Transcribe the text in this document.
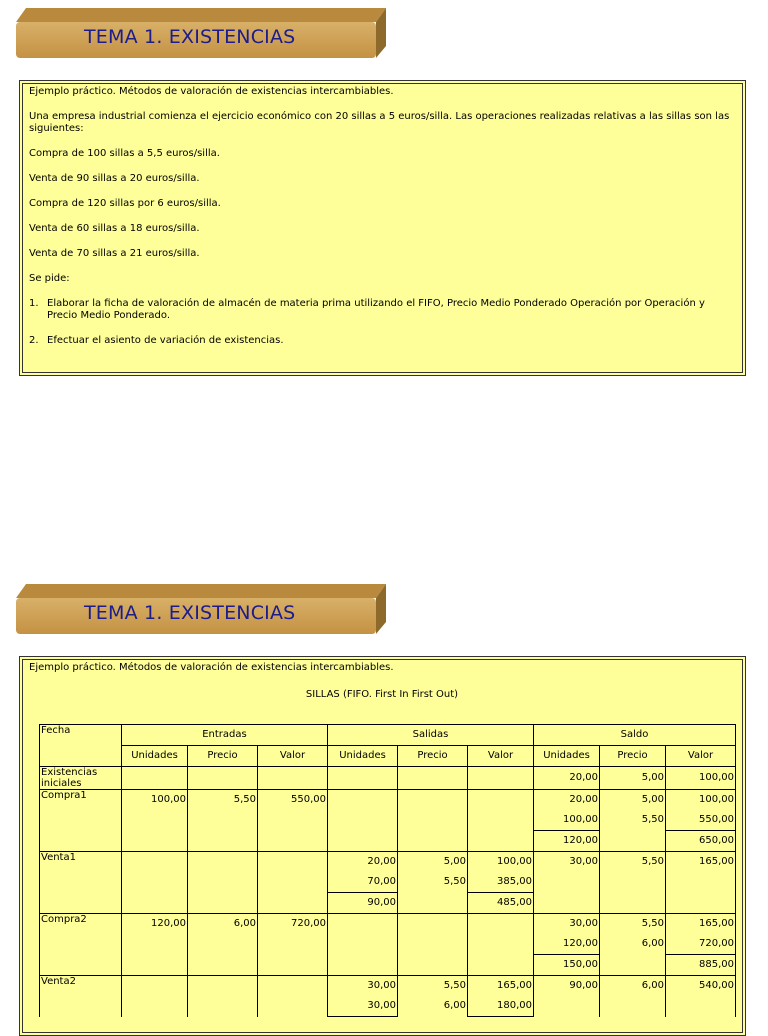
TEMA 1. EXISTENCIAS

Ejemplo práctico. Métodos de valoración de existencias intercambiables.

Una empresa industrial comienza el ejercicio económico con 20 sillas a 5 euros/silla. Las operaciones realizadas relativas a las sillas son las siguientes:

Compra de 100 sillas a 5,5 euros/silla.

Venta de 90 sillas a 20 euros/silla.

Compra de 120 sillas por 6 euros/silla.

Venta de 60 sillas a 18 euros/silla.

Venta de 70 sillas a 21 euros/silla.

Se pide:

1. Elaborar la ficha de valoración de almacén de materia prima utilizando el FIFO, Precio Medio Ponderado Operación por Operación y Precio Medio Ponderado.
2. Efectuar el asiento de variación de existencias.
TEMA 1. EXISTENCIAS

Ejemplo práctico. Métodos de valoración de existencias intercambiables.

SILLAS (FIFO. First In First Out)

Fecha	Entradas			Salidas			Saldo		
	Unidades	Precio	Valor	Unidades	Precio	Valor	Unidades	Precio	Valor
Existencias iniciales							20,00	5,00	100,00
Compra1	100,00	5,50	550,00				20,00	5,00	100,00
							100,00	5,50	550,00
							120,00		650,00
Venta1				20,00	5,00	100,00	30,00	5,50	165,00
				70,00	5,50	385,00			
				90,00		485,00			
Compra2	120,00	6,00	720,00				30,00	5,50	165,00
							120,00	6,00	720,00
							150,00		885,00
Venta2				30,00	5,50	165,00	90,00	6,00	540,00
				30,00	6,00	180,00			
